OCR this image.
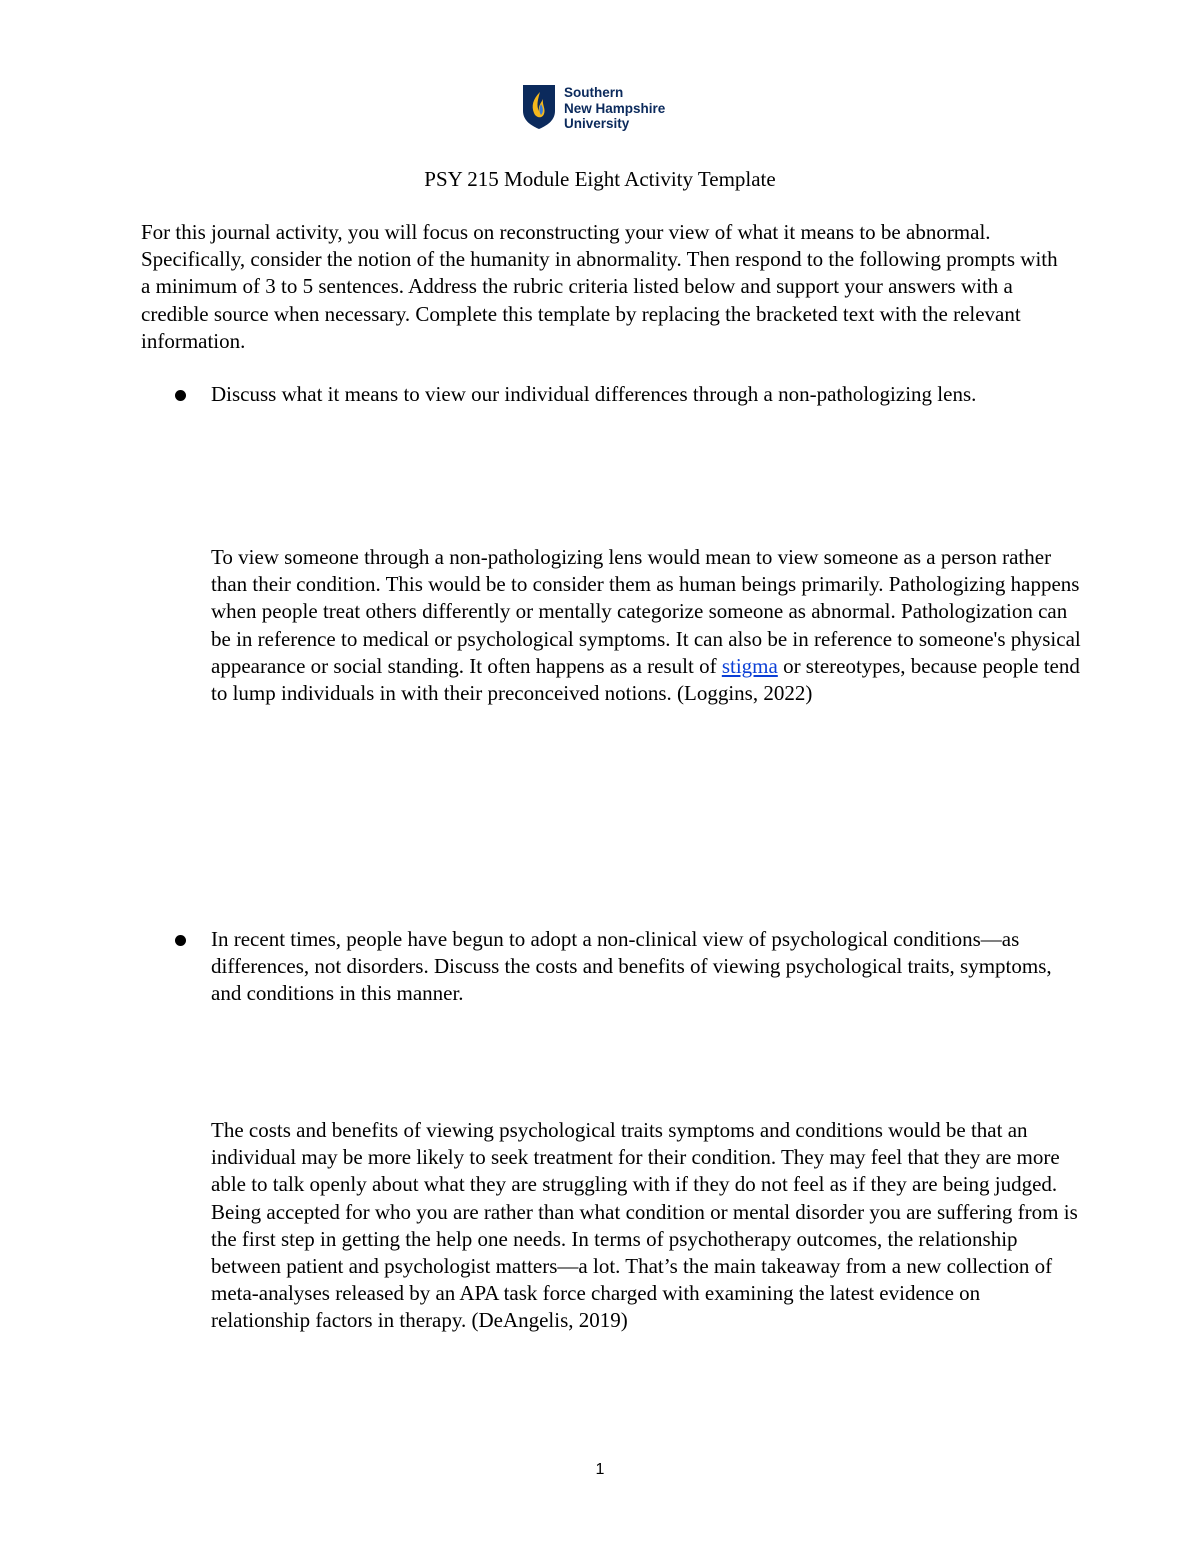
Southern
New Hampshire
University
PSY 215 Module Eight Activity Template

For this journal activity, you will focus on reconstructing your view of what it means to be abnormal. Specifically, consider the notion of the humanity in abnormality. Then respond to the following prompts with a minimum of 3 to 5 sentences. Address the rubric criteria listed below and support your answers with a credible source when necessary. Complete this template by replacing the bracketed text with the relevant information.

Discuss what it means to view our individual differences through a non-pathologizing lens.

To view someone through a non-pathologizing lens would mean to view someone as a person rather than their condition. This would be to consider them as human beings primarily. Pathologizing happens when people treat others differently or mentally categorize someone as abnormal. Pathologization can be in reference to medical or psychological symptoms. It can also be in reference to someone's physical appearance or social standing. It often happens as a result of stigma or stereotypes, because people tend to lump individuals in with their preconceived notions. (Loggins, 2022)

In recent times, people have begun to adopt a non-clinical view of psychological conditions—as differences, not disorders. Discuss the costs and benefits of viewing psychological traits, symptoms, and conditions in this manner.

The costs and benefits of viewing psychological traits symptoms and conditions would be that an individual may be more likely to seek treatment for their condition. They may feel that they are more able to talk openly about what they are struggling with if they do not feel as if they are being judged. Being accepted for who you are rather than what condition or mental disorder you are suffering from is the first step in getting the help one needs. In terms of psychotherapy outcomes, the relationship between patient and psychologist matters—a lot. That’s the main takeaway from a new collection of meta-analyses released by an APA task force charged with examining the latest evidence on relationship factors in therapy. (DeAngelis, 2019)

1
